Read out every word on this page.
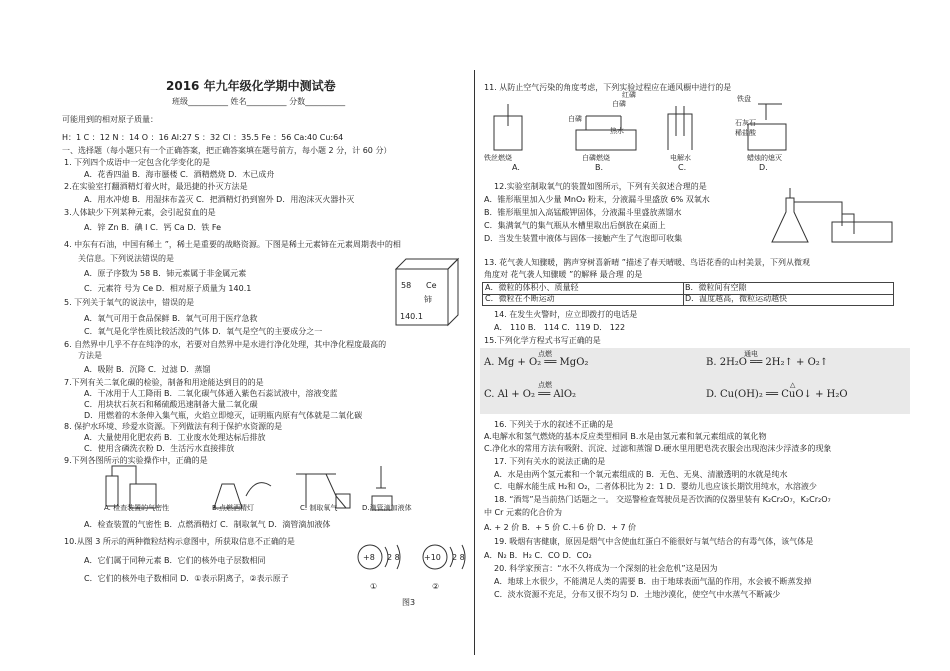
2016 年九年级化学期中测试卷
班级__________ 姓名__________ 分数__________
可能用到的相对原子质量：
H：1 C ：12 N ：14 O ：16 Al:27 S ：32 Cl ：35.5 Fe ：56 Ca:40 Cu:64
一、选择题（每小题只有一个正确答案，把正确答案填在题号前方，每小题 2 分，计 60 分）
1. 下列四个成语中一定包含化学变化的是
A．花香四溢 B．海市蜃楼 C．酒精燃烧 D．木已成舟
2.在实验室打翻酒精灯着火时，最迅捷的扑灭方法是
A．用水冲熄 B．用湿抹布盖灭 C．把酒精灯扔到窗外 D．用泡沫灭火器扑灭
3.人体缺少下列某种元素，会引起贫血的是
A．锌 Zn B．碘 I C．钙 Ca D．铁 Fe
4. 中东有石油，中国有稀土 ”，稀土是重要的战略资源。下图是稀土元素铈在元素周期表中的相
关信息。下列说法错误的是
A．原子序数为 58 B．铈元素属于非金属元素
C．元素符 号为 Ce D．相对原子质量为 140.1	58 Ce
铈
140.1
5. 下列关于氧气的说法中，错误的是
A．氧气可用于食品保鲜 B．氧气可用于医疗急救
C．氧气是化学性质比较活泼的气体 D．氧气是空气的主要成分之一
6. 自然界中几乎不存在纯净的水，若要对自然界中是水进行净化处理，其中净化程度最高的
方法是
A．吸附 B．沉降 C．过滤 D．蒸馏
7.下列有关二氧化碳的检验，制备和用途能达到目的的是
A．干冰用于人工降雨 B．二氧化碳气体通入紫色石蕊试液中，溶液变蓝
C．用块状石灰石和稀硫酸迅速制备大量二氧化碳
D．用燃着的木条伸入集气瓶，火焰立即熄灭，证明瓶内原有气体就是二氧化碳
8. 保护水环境、珍爱水资源。下列做法有利于保护水资源的是
A．大量使用化肥农药 B．工业废水处理达标后排放
C．使用含磷洗衣粉 D．生活污水直接排放
9.下列各图所示的实验操作中，正确的是
A. 检查装置的气密性	B.点燃酒精灯	C. 制取氧气	D.滴管滴加液体
A．检查装置的气密性 B．点燃酒精灯 C．制取氧气 D．滴管滴加液体
10.从图 3 所示的两种微粒结构示意图中，所获取信息不正确的是
A．它们属于同种元素 B．它们的核外电子层数相同
C．它们的核外电子数相同 D．①表示阴离子，②表示原子
+8 2 8	+10 2 8
①	②
图3
11. 从防止空气污染的角度考虑，下列实验过程应在通风橱中进行的是
白磷
红磷
热水
白磷
铁盘
石灰石
稀盐酸
铁丝燃烧	白磷燃烧	电解水	蜡烛的熄灭
A.	B.	C.	D.
12.实验室制取氧气的装置如图所示，下列有关叙述合理的是
A．锥形瓶里加入少量 MnO₂ 粉末，分液漏斗里盛放 6% 双氧水
B．锥形瓶里加入高锰酸钾固体，分液漏斗里盛放蒸馏水
C．集满氧气的集气瓶从水槽里取出后倒放在桌面上
D．当发生装置中液体与固体一接触产生了气泡即可收集
13. 花气袭人知骤暖，鹊声穿树喜新晴 ”描述了春天晴暖、鸟语花香的山村美景，下列从微观
角度对 花气袭人知骤暖 ”的解释 最合理 的是
A．微粒的体积小、质量轻	B．微粒间有空隙
C．微粒在不断运动	D．温度越高，微粒运动越快
14. 在发生火警时，应立即拨打的电话是
A． 110 B． 114 C．119 D． 122
15.下列化学方程式书写正确的是
点燃	通电
A. Mg + O₂ ══ MgO₂	B. 2H₂O ══ 2H₂↑ + O₂↑
点燃	△
C. Al + O₂ ══ AlO₂	D. Cu(OH)₂ ══ CuO↓ + H₂O
16. 下列关于水的叙述不正确的是
A.电解水和氢气燃烧的基本反应类型相同 B.水是由氢元素和氧元素组成的氧化物
C.净化水的常用方法有吸附、沉淀、过滤和蒸馏 D.硬水里用肥皂洗衣服会出现泡沫少浮渣多的现象
17. 下列有关水的说法正确的是
A．水是由两个氢元素和一个氧元素组成的 B．无色、无臭、清澈透明的水就是纯水
C．电解水能生成 H₂和 O₂，二者体积比为 2：1 D．婴幼儿也应该长期饮用纯水，水溶液少
18. “酒驾”是当前热门话题之一。 交巡警检查驾驶员是否饮酒的仪器里装有 K₂Cr₂O₇，K₂Cr₂O₇
中 Cr 元素的化合价为
A. + 2 价 B．+ 5 价 C.＋6 价 D．+ 7 价
19. 吸烟有害健康，原因是烟气中含使血红蛋白不能很好与氧气结合的有毒气体，该气体是
A．N₂ B．H₂ C．CO D．CO₂
20. 科学家预言：“水不久将成为一个深刻的社会危机”这是因为
A．地球上水很少，不能满足人类的需要 B．由于地球表面气温的作用，水会被不断蒸发掉
C．淡水资源不充足，分布又很不均匀 D．土地沙漠化，使空气中水蒸气不断减少
